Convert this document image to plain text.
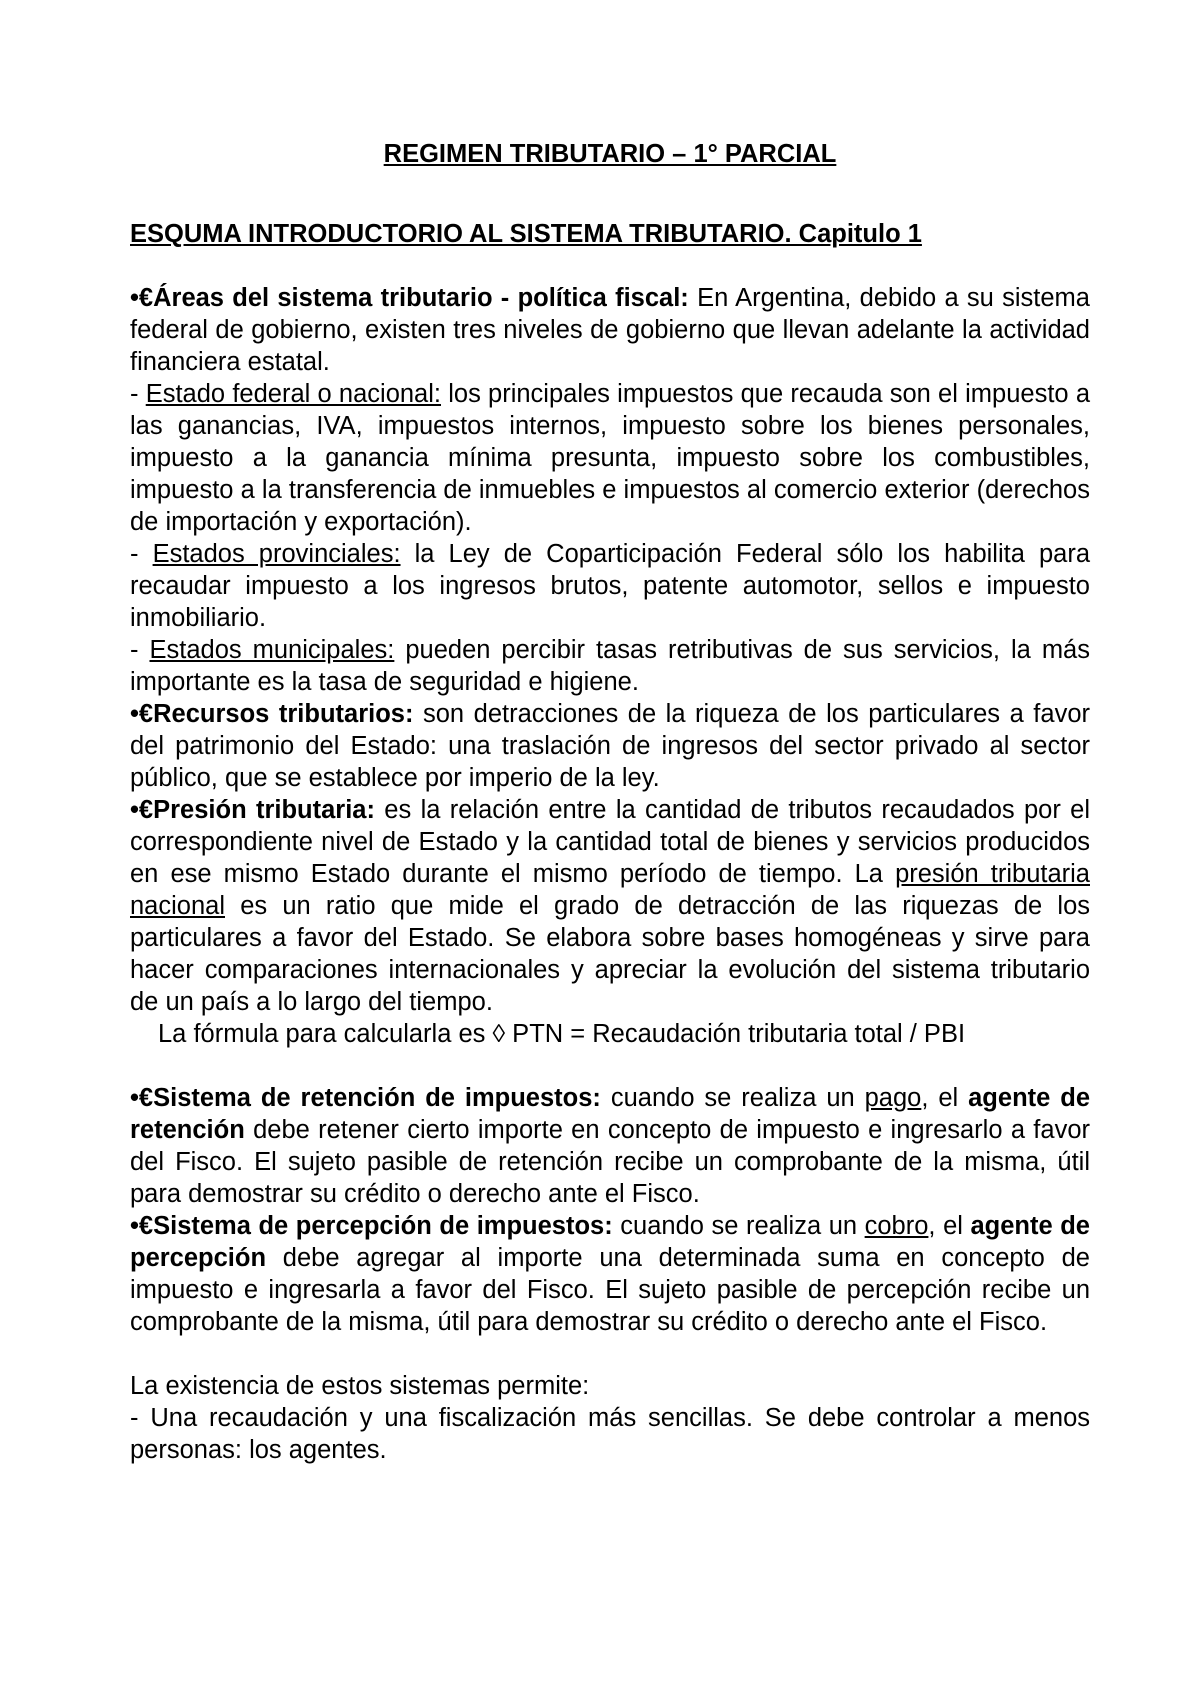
REGIMEN TRIBUTARIO – 1° PARCIAL
ESQUMA INTRODUCTORIO AL SISTEMA TRIBUTARIO. Capitulo 1

•€Áreas del sistema tributario - política fiscal: En Argentina, debido a su sistema federal de gobierno, existen tres niveles de gobierno que llevan adelante la actividad financiera estatal.

- Estado federal o nacional: los principales impuestos que recauda son el impuesto a las ganancias, IVA, impuestos internos, impuesto sobre los bienes personales, impuesto a la ganancia mínima presunta, impuesto sobre los combustibles, impuesto a la transferencia de inmuebles e impuestos al comercio exterior (derechos de importación y exportación).

- Estados provinciales: la Ley de Coparticipación Federal sólo los habilita para recaudar impuesto a los ingresos brutos, patente automotor, sellos e impuesto inmobiliario.

- Estados municipales: pueden percibir tasas retributivas de sus servicios, la más importante es la tasa de seguridad e higiene.

•€Recursos tributarios: son detracciones de la riqueza de los particulares a favor del patrimonio del Estado: una traslación de ingresos del sector privado al sector público, que se establece por imperio de la ley.

•€Presión tributaria: es la relación entre la cantidad de tributos recaudados por el correspondiente nivel de Estado y la cantidad total de bienes y servicios producidos en ese mismo Estado durante el mismo período de tiempo. La presión tributaria nacional es un ratio que mide el grado de detracción de las riquezas de los particulares a favor del Estado. Se elabora sobre bases homogéneas y sirve para hacer comparaciones internacionales y apreciar la evolución del sistema tributario de un país a lo largo del tiempo.

La fórmula para calcularla es ◊ PTN = Recaudación tributaria total / PBI

•€Sistema de retención de impuestos: cuando se realiza un pago, el agente de retención debe retener cierto importe en concepto de impuesto e ingresarlo a favor del Fisco. El sujeto pasible de retención recibe un comprobante de la misma, útil para demostrar su crédito o derecho ante el Fisco.

•€Sistema de percepción de impuestos: cuando se realiza un cobro, el agente de percepción debe agregar al importe una determinada suma en concepto de impuesto e ingresarla a favor del Fisco. El sujeto pasible de percepción recibe un comprobante de la misma, útil para demostrar su crédito o derecho ante el Fisco.

La existencia de estos sistemas permite:

- Una recaudación y una fiscalización más sencillas. Se debe controlar a menos personas: los agentes.
